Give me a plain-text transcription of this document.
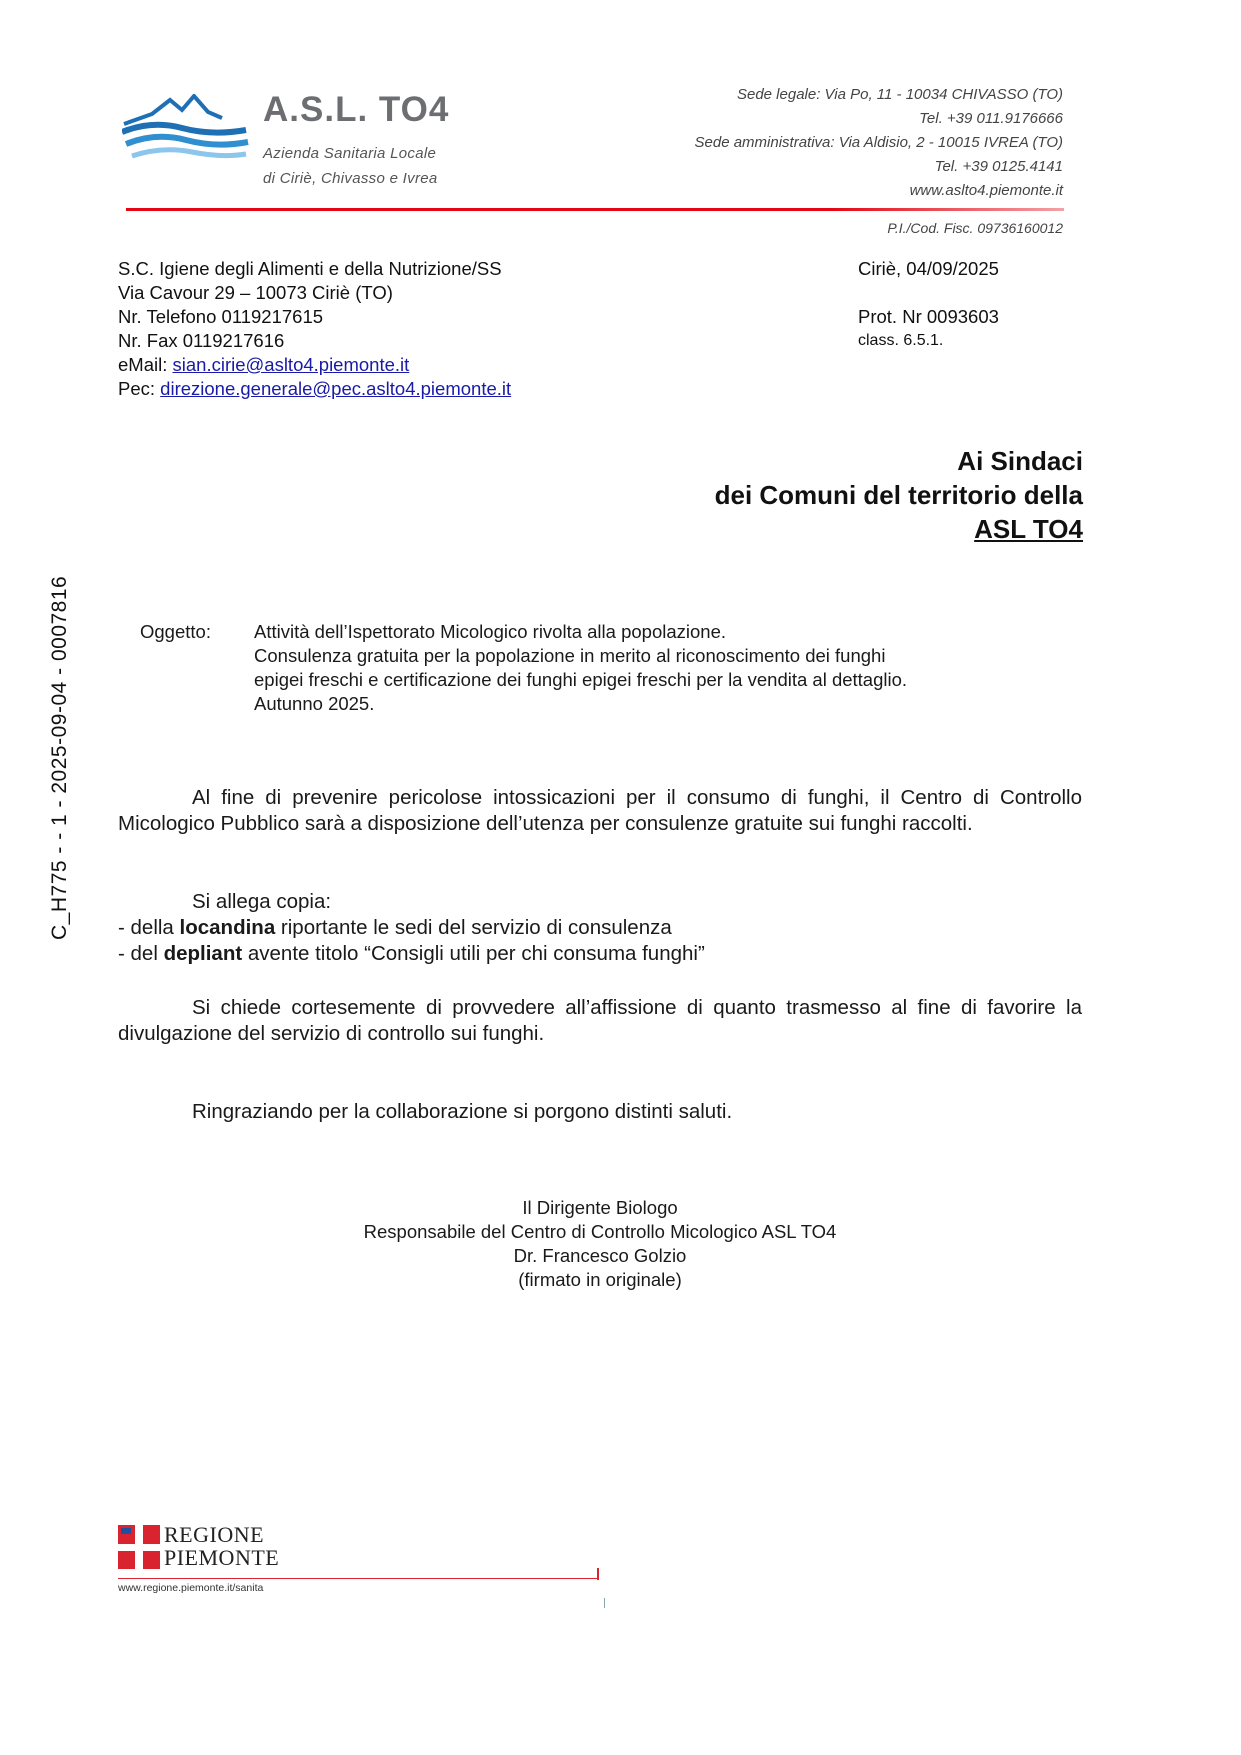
A.S.L. TO4
Azienda Sanitaria Locale
di Ciriè, Chivasso e Ivrea
Sede legale: Via Po, 11 - 10034 CHIVASSO (TO)
Tel. +39 011.9176666
Sede amministrativa: Via Aldisio, 2 - 10015 IVREA (TO)
Tel. +39 0125.4141
www.aslto4.piemonte.it
P.I./Cod. Fisc. 09736160012
S.C. Igiene degli Alimenti e della Nutrizione/SS
Via Cavour 29 – 10073 Ciriè (TO)
Nr. Telefono 0119217615
Nr. Fax 0119217616
eMail: sian.cirie@aslto4.piemonte.it
Pec: direzione.generale@pec.aslto4.piemonte.it
Ciriè, 04/09/2025
Prot. Nr 0093603
class. 6.5.1.
C_H775 - - 1 - 2025-09-04 - 0007816
Ai Sindaci
dei Comuni del territorio della
ASL TO4
Oggetto: Attività dell’Ispettorato Micologico rivolta alla popolazione.
Consulenza gratuita per la popolazione in merito al riconoscimento dei funghi
epigei freschi e certificazione dei funghi epigei freschi per la vendita al dettaglio.
Autunno 2025.
Al fine di prevenire pericolose intossicazioni per il consumo di funghi, il Centro di Controllo Micologico Pubblico sarà a disposizione dell’utenza per consulenze gratuite sui funghi raccolti.
Si allega copia:
- della locandina riportante le sedi del servizio di consulenza
- del depliant avente titolo “Consigli utili per chi consuma funghi”
Si chiede cortesemente di provvedere all’affissione di quanto trasmesso al fine di favorire la divulgazione del servizio di controllo sui funghi.
Ringraziando per la collaborazione si porgono distinti saluti.
Il Dirigente Biologo
Responsabile del Centro di Controllo Micologico ASL TO4
Dr. Francesco Golzio
(firmato in originale)
REGIONE
PIEMONTE
www.regione.piemonte.it/sanita
